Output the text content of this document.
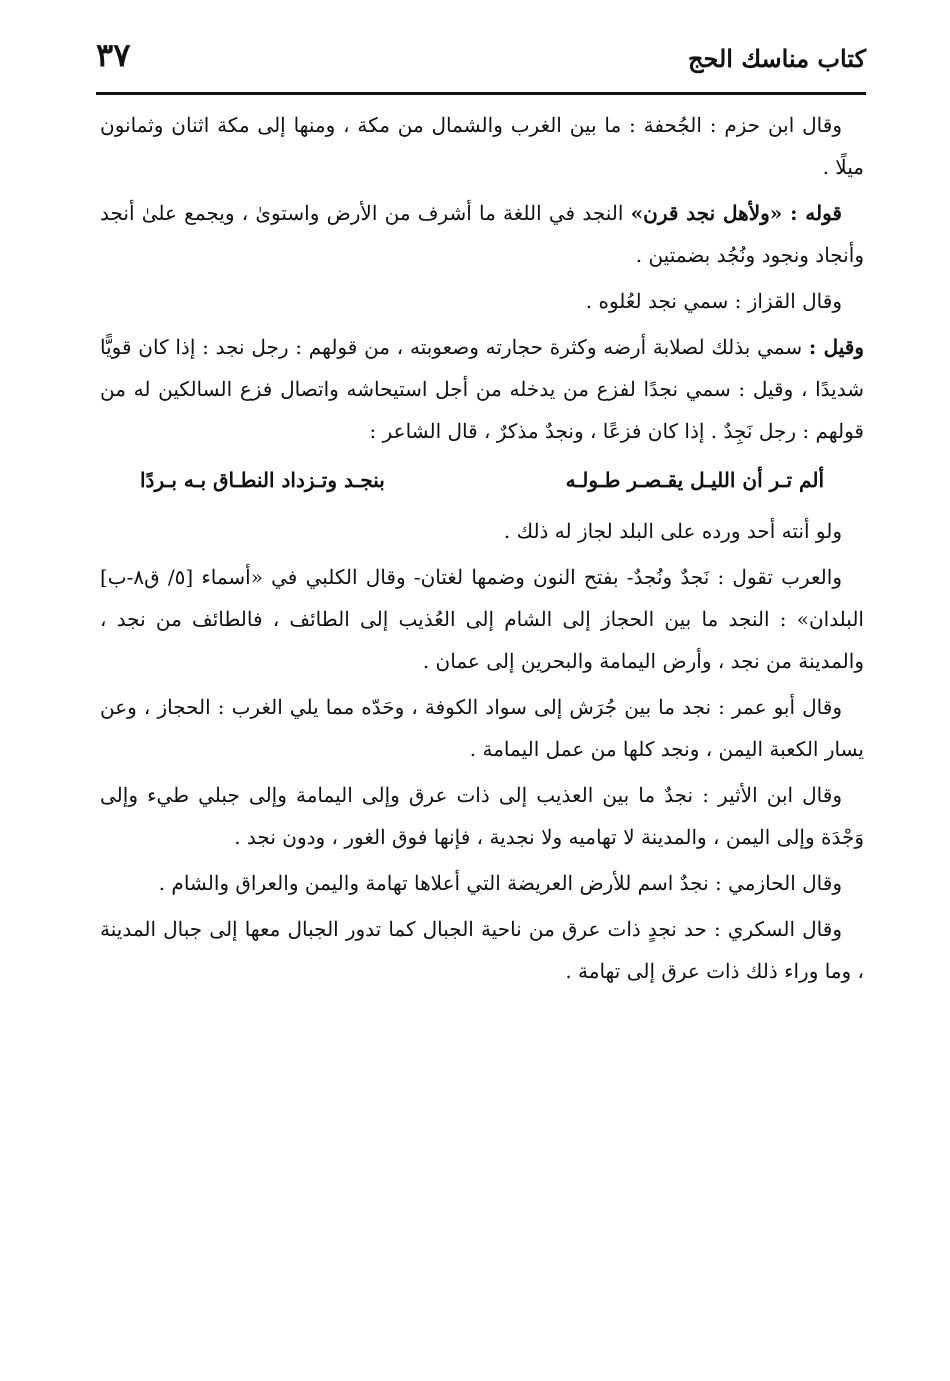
كتاب مناسك الحج
٣٧

وقال ابن حزم : الجُحفة : ما بين الغرب والشمال من مكة ، ومنها إلى مكة اثنان وثمانون ميلًا .

قوله : «ولأهل نجد قرن» النجد في اللغة ما أشرف من الأرض واستوىٰ ، ويجمع علىٰ أنجد وأنجاد ونجود ونُجُد بضمتين .

وقال القزاز : سمي نجد لعُلوه .

وقيل : سمي بذلك لصلابة أرضه وكثرة حجارته وصعوبته ، من قولهم : رجل نجد : إذا كان قويًّا شديدًا ، وقيل : سمي نجدًا لفزع من يدخله من أجل استيحاشه واتصال فزع السالكين له من قولهم : رجل نَجِدٌ . إذا كان فزعًا ، ونجدٌ مذكرٌ ، قال الشاعر :

ألم تـر أن الليـل يقـصـر طـولـه
بنجـد وتـزداد النطـاق بـه بـردًا

ولو أنته أحد ورده على البلد لجاز له ذلك .

والعرب تقول : نَجدٌ ونُجدٌ- بفتح النون وضمها لغتان- وقال الكلبي في «أسماء [٥/ ق٨-ب] البلدان» : النجد ما بين الحجاز إلى الشام إلى العُذيب إلى الطائف ، فالطائف من نجد ، والمدينة من نجد ، وأرض اليمامة والبحرين إلى عمان .

وقال أبو عمر : نجد ما بين جُرَش إلى سواد الكوفة ، وحَدّه مما يلي الغرب : الحجاز ، وعن يسار الكعبة اليمن ، ونجد كلها من عمل اليمامة .

وقال ابن الأثير : نجدٌ ما بين العذيب إلى ذات عرق وإلى اليمامة وإلى جبلي طيء وإلى وَجْدَة وإلى اليمن ، والمدينة لا تهاميه ولا نجدية ، فإنها فوق الغور ، ودون نجد .

وقال الحازمي : نجدٌ اسم للأرض العريضة التي أعلاها تهامة واليمن والعراق والشام .

وقال السكري : حد نجدٍ ذات عرق من ناحية الجبال كما تدور الجبال معها إلى جبال المدينة ، وما وراء ذلك ذات عرق إلى تهامة .
